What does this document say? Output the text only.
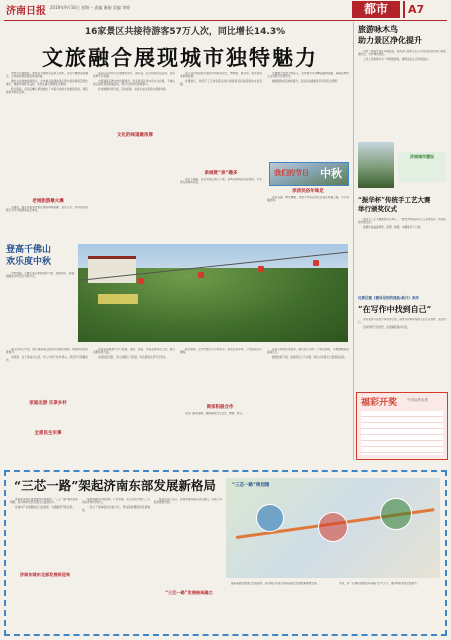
济南日报 2019年9月16日 星期一 责编 谢丽 美编 李婷	都市	A7
16家景区共接待游客57万人次，同比增长14.3%
文旅融合展现城市独特魅力

中秋小长假期间，我市各大旅游景区游人如织，文化与旅游深度融合，全市接待游客数量再创新高。

据市文化和旅游局统计，全市重点监测的景区累计接待游客量同比增长，旅游市场秩序良好，未发生重大旅游安全事故。

假日期间，各景区精心策划推出了丰富多彩的文化旅游活动，满足游客多样化需求。

老城旅游最火爆

芙蓉街、曲水亭街等老街区游客摩肩接踵，泉水人家、老济南民俗吸引众多外地游客驻足体验。

各景区以中秋为主题推出赏月、猜灯谜、品月饼等民俗活动，营造浓厚节日氛围。

大明湖景区推出中秋游园会，趵突泉景区举办泉水文化展，千佛山景区组织登高祈福活动，吸引大批市民游客参与。

乡村旅游持续升温，近郊采摘、农家乐成为家庭出游新选择。

文化的味道最浓厚

各大文化场馆假日期间开放时间延长，博物馆、图书馆、美术馆迎来参观热潮。

非遗展示、传统手工艺体验等活动让游客感受济南深厚的文化底蕴。

泉城赏“泉”趣多

泉水节期间，各名泉景区游人不断，泉城夜游项目深受欢迎，灯光秀点亮城市夜色。

文旅融合发展不断深入，全市推出多条精品旅游线路，串联起城市人文景观与自然风光。

旅游服务质量持续提升，各景区加强游客引导和安全管理。

我们的节日 中秋
浓浓民俗年味足

民俗表演、舞龙舞狮、非遗手作等活动在各景区轮番上演，节日氛围浓厚。

登高千佛山
欢乐度中秋

中秋假期，千佛山景区游客络绎不绝，登高望远、祈福团圆成为市民过节新方式。

景区负责人介绍，假日期间景区推出多项惠民措施，游客体验感显著提升。

家庭游、亲子游成为主流，老人与孩子结伴登山，享受节日团圆时光。

家庭出游 乐享乡村
全恩民生实事

各商家积极参与节日促销，餐饮、住宿、零售业绩同比上涨，假日消费持续升温。

夜间经济活跃，各大商圈人气旺盛，市民游客共享节日欢乐。

商家积极合作

假日期间，全市交通运行平稳有序，各景区停车场、公交接驳运行顺畅。

各部门联动保障，确保游客出行安全、便捷、舒心。

各景区持续优化服务，推出线上预约、分时段游览，有效缓解客流高峰压力。

旅游热度不减，美食街区人气火爆，特色小吃吸引大量游客品尝。

旅游咏木鸟
助力景区净化提升

为进一步提升景区环境质量，相关部门组织专业人员对景区树木进行病虫害防治，守护城市绿色。

工作人员像啄木鸟一样细致排查，确保景区生态环境良好。

济南城市建设
“振华杯”传统手工艺大赛
举行颁奖仪式

传统手工艺大赛颁奖仪式举行，一批优秀作品和手艺人获得表彰，传承弘扬非遗文化。

参赛作品涵盖剪纸、泥塑、刺绣、木雕等多个门类。

沈黄尼雅《微异见你的孤独:新月》来济
“在写作中找到自己”

作家来济与读者分享创作心得，讲述写作如何帮助人们认识自我、表达内心。

活动现场气氛热烈，读者踊跃提问交流。

福彩开奖	中国福利彩票
“三芯一路”架起济南东部发展新格局

济南东部地区规划建设持续推进，“三芯一路”格局逐步明晰，将为城市东部发展注入强劲动力。

区域内产业集聚效应日益显现，交通路网不断完善。

济南东城东北部发展将迎来

规划明确以科技创新、产业发展、生态宜居为核心，打造东部城市新中心。

一条主干道串联各功能片区，形成高效便捷的发展轴线。

相关负责人表示，将加快推进重点项目建设，完善公共服务配套设施。

“三芯一路”发展格局确立
“三芯一路”规划图

随着基础设施建设全面提速，东部地区将成为济南高质量发展的重要增长极。	未来，这一区域将集聚更多高端产业与人才，推动城市能级全面提升。
